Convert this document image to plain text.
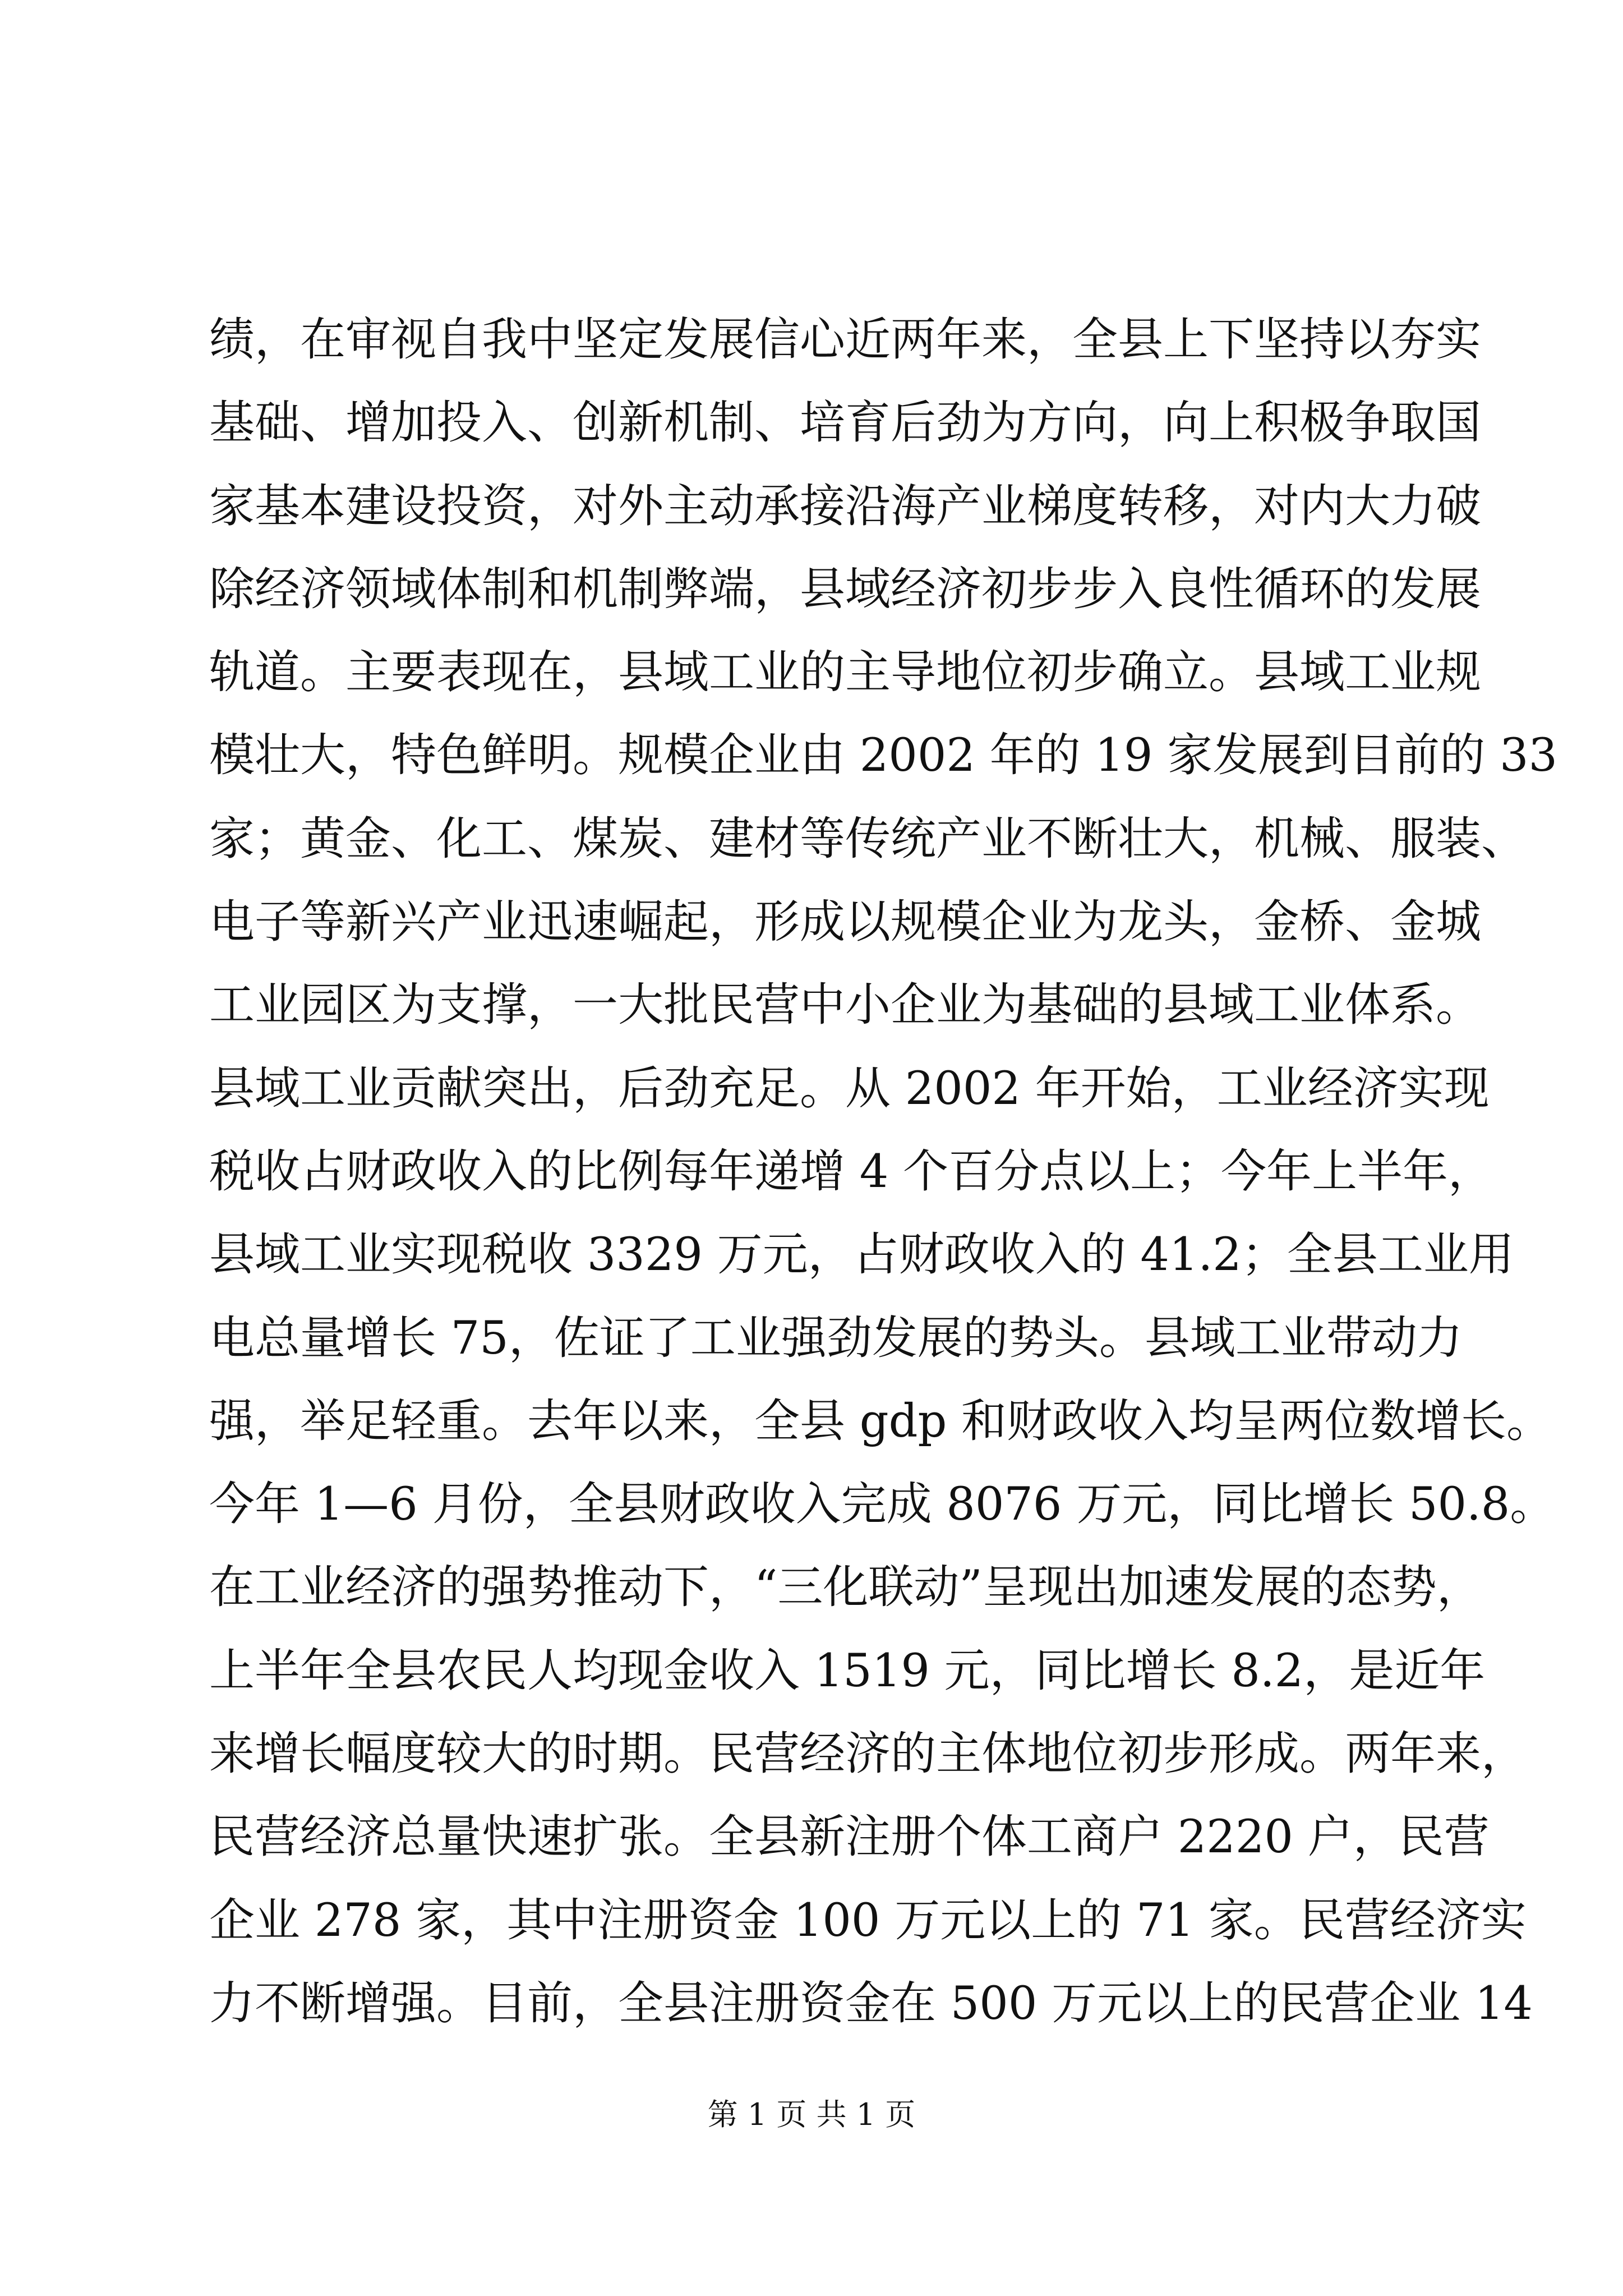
绩，在审视自我中坚定发展信心近两年来，全县上下坚持以夯实
基础、增加投入、创新机制、培育后劲为方向，向上积极争取国
家基本建设投资，对外主动承接沿海产业梯度转移，对内大力破
除经济领域体制和机制弊端，县域经济初步步入良性循环的发展
轨道。主要表现在，县域工业的主导地位初步确立。县域工业规
模壮大，特色鲜明。规模企业由 2002 年的 19 家发展到目前的 33
家；黄金、化工、煤炭、建材等传统产业不断壮大，机械、服装、
电子等新兴产业迅速崛起，形成以规模企业为龙头，金桥、金城
工业园区为支撑，一大批民营中小企业为基础的县域工业体系。
县域工业贡献突出，后劲充足。从 2002 年开始，工业经济实现
税收占财政收入的比例每年递增 4 个百分点以上；今年上半年，
县域工业实现税收 3329 万元，占财政收入的 41.2；全县工业用
电总量增长 75，佐证了工业强劲发展的势头。县域工业带动力
强，举足轻重。去年以来，全县 gdp 和财政收入均呈两位数增长。
今年 1—6 月份，全县财政收入完成 8076 万元，同比增长 50.8。
在工业经济的强势推动下，“三化联动”呈现出加速发展的态势，
上半年全县农民人均现金收入 1519 元，同比增长 8.2，是近年
来增长幅度较大的时期。民营经济的主体地位初步形成。两年来，
民营经济总量快速扩张。全县新注册个体工商户 2220 户，民营
企业 278 家，其中注册资金 100 万元以上的 71 家。民营经济实
力不断增强。目前，全县注册资金在 500 万元以上的民营企业 14
第 1 页 共 1 页
